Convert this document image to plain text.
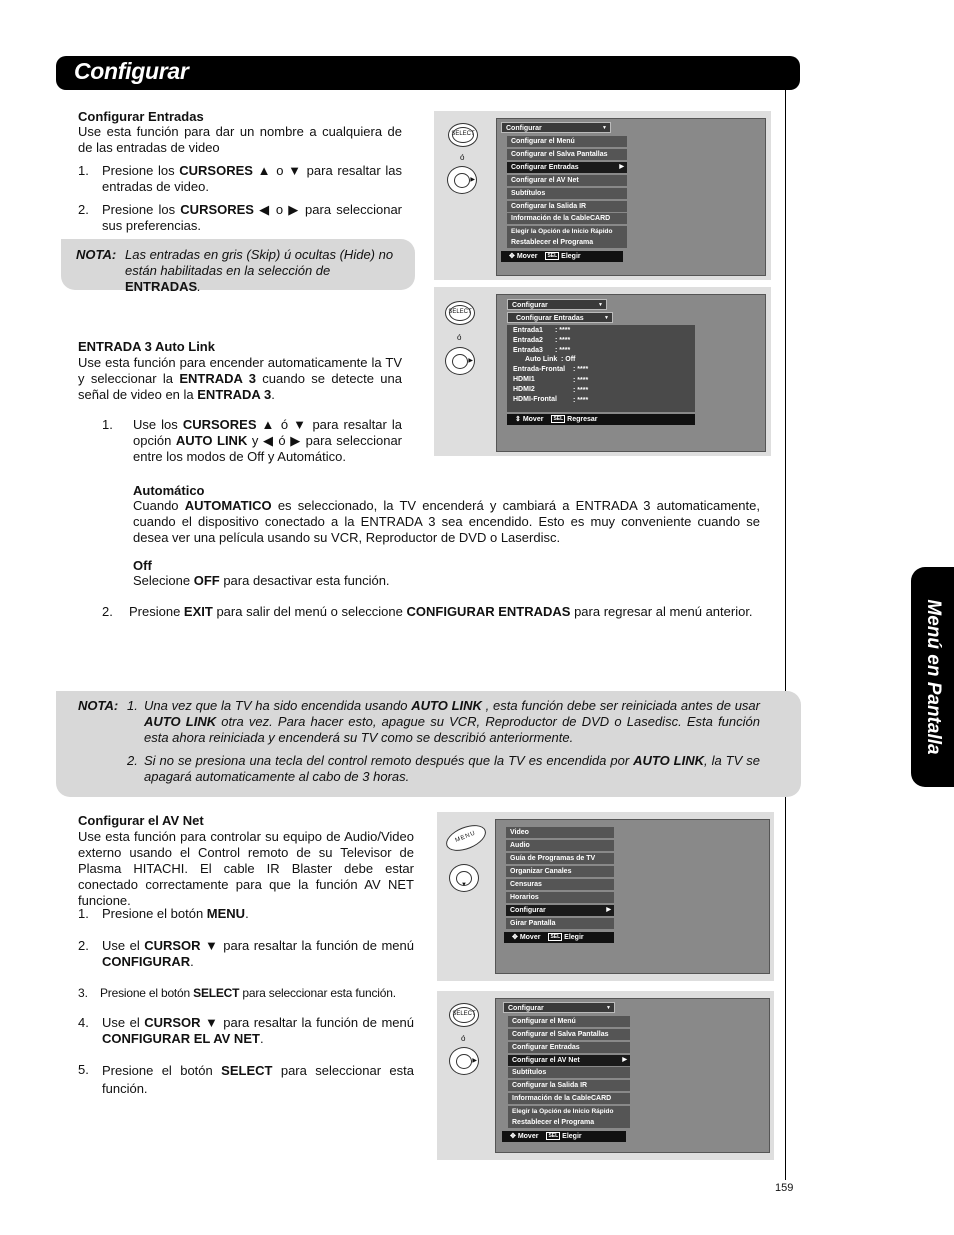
Configurar
Menú en Pantalla
159
Configurar Entradas
Use esta función para dar un nombre a cualquiera de de las entradas de video
1. Presione los CURSORES ▲ o ▼ para resaltar las entradas de video.
2. Presione los CURSORES ◀ o ▶ para seleccionar sus preferencias.
NOTA: Las entradas en gris (Skip) ú ocultas (Hide) no están habilitadas en la selección de ENTRADAS.
ENTRADA 3 Auto Link
Use esta función para encender automaticamente la TV y seleccionar la ENTRADA 3 cuando se detecte una señal de video en la ENTRADA 3.
1. Use los CURSORES ▲ ó ▼ para resaltar la opción AUTO LINK y ◀ ó ▶ para seleccionar entre los modos de Off y Automático.
Automático
Cuando AUTOMATICO es seleccionado, la TV encenderá y cambiará a ENTRADA 3 automaticamente, cuando el dispositivo conectado a la ENTRADA 3 sea encendido. Esto es muy conveniente cuando se desea ver una película usando su VCR, Reproductor de DVD o Laserdisc.
Off
Selecione OFF para desactivar esta función.
2. Presione EXIT para salir del menú o seleccione CONFIGURAR ENTRADAS para regresar al menú anterior.
NOTA: 1. Una vez que la TV ha sido encendida usando AUTO LINK , esta función debe ser reiniciada antes de usar AUTO LINK otra vez. Para hacer esto, apague su VCR, Reproductor de DVD o Lasedisc. Esta función esta ahora reiniciada y encenderá su TV como se describió anteriormente.
2. Si no se presiona una tecla del control remoto después que la TV es encendida por AUTO LINK, la TV se apagará automaticamente al cabo de 3 horas.
Configurar el AV Net
Use esta función para controlar su equipo de Audio/Video externo usando el Control remoto de su Televisor de Plasma HITACHI. El cable IR Blaster debe estar conectado correctamente para que la función AV NET funcione.
1. Presione el botón MENU.
2. Use el CURSOR ▼ para resaltar la función de menú CONFIGURAR.
3. Presione el botón SELECT para seleccionar esta función.
4. Use el CURSOR ▼ para resaltar la función de menú CONFIGURAR EL AV NET.
5. Presione el botón SELECT para seleccionar esta función.
SELECT
ó
▶
Configurar	▼
Configurar el Menú
Configurar el Salva Pantallas
Configurar Entradas	▶
Configurar el AV Net
Subtítulos
Configurar la Salida IR
Información de la CableCARD
Elegir la Opción de Inicio Rápido
Restablecer el Programa
✥ Mover SEL Elegir
SELECT
ó
▶
Configurar	▼
Configurar Entradas	▼
Entrada1 : ****
Entrada2 : ****
Entrada3 : ****
Auto Link : Off
Entrada-Frontal : ****
HDMI1	: ****
HDMI2	: ****
HDMI-Frontal : ****
⇕ Mover SEL Regresar
MENU
▼
Video
Audio
Guía de Programas de TV
Organizar Canales
Censuras
Horarios
Configurar	▶
Girar Pantalla
✥ Mover SEL Elegir
SELECT
ó
▶
Configurar	▼
Configurar el Menú
Configurar el Salva Pantallas
Configurar Entradas
Configurar el AV Net	▶
Subtítulos
Configurar la Salida IR
Información de la CableCARD
Elegir la Opción de Inicio Rápido
Restablecer el Programa
✥ Mover SEL Elegir
